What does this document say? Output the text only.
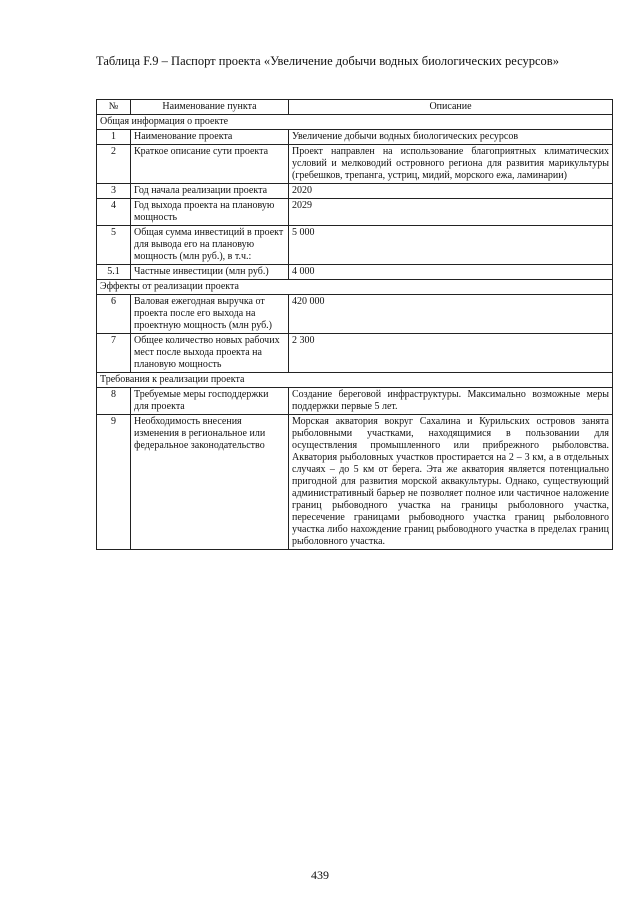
Таблица F.9 – Паспорт проекта «Увеличение добычи водных биологических ресурсов»
№	Наименование пункта	Описание
Общая информация о проекте		
1	Наименование проекта	Увеличение добычи водных биологических ресурсов
2	Краткое описание сути проекта	Проект направлен на использование благоприятных климатических условий и мелководий островного региона для развития марикультуры (гребешков, трепанга, устриц, мидий, морского ежа, ламинарии)
3	Год начала реализации проекта	2020
4	Год выхода проекта на плановую мощность	2029
5	Общая сумма инвестиций в проект для вывода его на плановую мощность (млн руб.), в т.ч.:	5 000
5.1	Частные инвестиции (млн руб.)	4 000
Эффекты от реализации проекта		
6	Валовая ежегодная выручка от проекта после его выхода на проектную мощность (млн руб.)	420 000
7	Общее количество новых рабочих мест после выхода проекта на плановую мощность	2 300
Требования к реализации проекта		
8	Требуемые меры господдержки для проекта	Создание береговой инфраструктуры. Максимально возможные меры поддержки первые 5 лет.
9	Необходимость внесения изменения в региональное или федеральное законодательство	Морская акватория вокруг Сахалина и Курильских островов занята рыболовными участками, находящимися в пользовании для осуществления промышленного или прибрежного рыболовства. Акватория рыболовных участков простирается на 2 – 3 км, а в отдельных случаях – до 5 км от берега. Эта же акватория является потенциально пригодной для развития морской аквакультуры. Однако, существующий административный барьер не позволяет полное или частичное наложение границ рыбоводного участка на границы рыболовного участка, пересечение границами рыбоводного участка границ рыболовного участка либо нахождение границ рыбоводного участка в пределах границ рыболовного участка.
439
